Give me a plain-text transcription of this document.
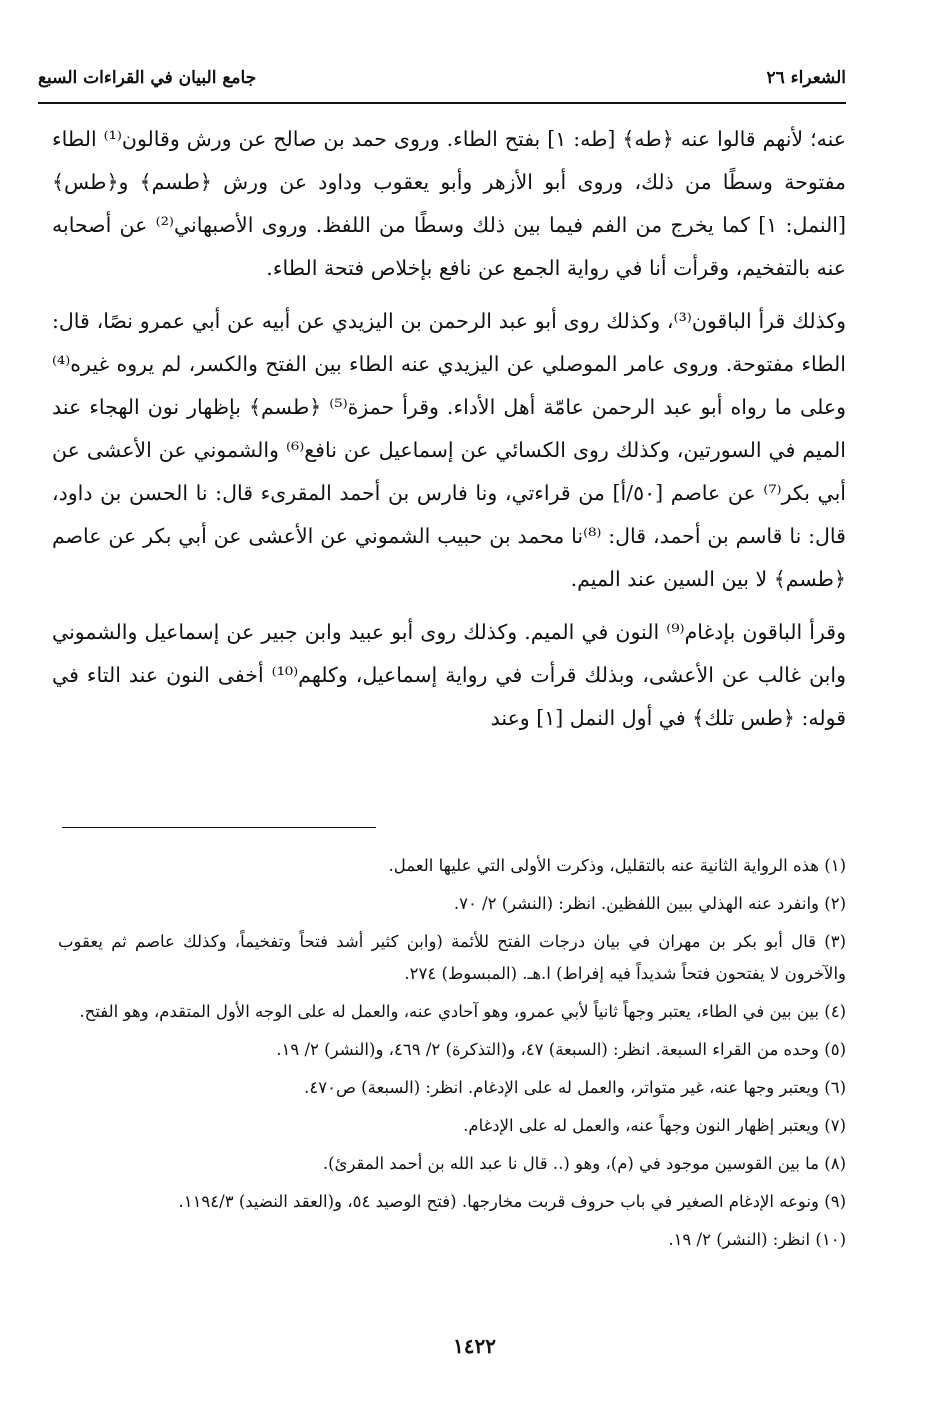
الشعراء ٢٦
جامع البيان في القراءات السبع

عنه؛ لأنهم قالوا عنه ﴿طه﴾ [طه: ١] بفتح الطاء. وروى حمد بن صالح عن ورش وقالون⁽¹⁾ الطاء مفتوحة وسطًا من ذلك، وروى أبو الأزهر وأبو يعقوب وداود عن ورش ﴿طسم﴾ و﴿طس﴾ [النمل: ١] كما يخرج من الفم فيما بين ذلك وسطًا من اللفظ. وروى الأصبهاني⁽²⁾ عن أصحابه عنه بالتفخيم، وقرأت أنا في رواية الجمع عن نافع بإخلاص فتحة الطاء.

وكذلك قرأ الباقون⁽³⁾، وكذلك روى أبو عبد الرحمن بن اليزيدي عن أبيه عن أبي عمرو نصًا، قال: الطاء مفتوحة. وروى عامر الموصلي عن اليزيدي عنه الطاء بين الفتح والكسر، لم يروه غيره⁽⁴⁾ وعلى ما رواه أبو عبد الرحمن عامّة أهل الأداء. وقرأ حمزة⁽⁵⁾ ﴿طسم﴾ بإظهار نون الهجاء عند الميم في السورتين، وكذلك روى الكسائي عن إسماعيل عن نافع⁽⁶⁾ والشموني عن الأعشى عن أبي بكر⁽⁷⁾ عن عاصم [٥٠/أ] من قراءتي، ونا فارس بن أحمد المقرىء قال: نا الحسن بن داود، قال: نا قاسم بن أحمد، قال: ⁽⁸⁾نا محمد بن حبيب الشموني عن الأعشى عن أبي بكر عن عاصم ﴿طسم﴾ لا بين السين عند الميم.

وقرأ الباقون بإدغام⁽⁹⁾ النون في الميم. وكذلك روى أبو عبيد وابن جبير عن إسماعيل والشموني وابن غالب عن الأعشى، وبذلك قرأت في رواية إسماعيل، وكلهم⁽¹⁰⁾ أخفى النون عند التاء في قوله: ﴿طس تلك﴾ في أول النمل [١] وعند

(١) هذه الرواية الثانية عنه بالتقليل، وذكرت الأولى التي عليها العمل.
(٢) وانفرد عنه الهذلي ببين اللفظين. انظر: (النشر) ٢/ ٧٠.
(٣) قال أبو بكر بن مهران في بيان درجات الفتح للأئمة (وابن كثير أشد فتحاً وتفخيماً، وكذلك عاصم ثم يعقوب والآخرون لا يفتحون فتحاً شديداً فيه إفراط) ا.هـ. (المبسوط) ٢٧٤.
(٤) بين بين في الطاء، يعتبر وجهاً ثانياً لأبي عمرو، وهو آحادي عنه، والعمل له على الوجه الأول المتقدم، وهو الفتح.
(٥) وحده من القراء السبعة. انظر: (السبعة) ٤٧، و(التذكرة) ٢/ ٤٦٩، و(النشر) ٢/ ١٩.
(٦) ويعتبر وجها عنه، غير متواتر، والعمل له على الإدغام. انظر: (السبعة) ص٤٧٠.
(٧) ويعتبر إظهار النون وجهاً عنه، والعمل له على الإدغام.
(٨) ما بين القوسين موجود في (م)، وهو (.. قال نا عبد الله بن أحمد المقرئ).
(٩) ونوعه الإدغام الصغير في باب حروف قربت مخارجها. (فتح الوصيد ٥٤، و(العقد النضيد) ١١٩٤/٣.
(١٠) انظر: (النشر) ٢/ ١٩.
١٤٢٢
